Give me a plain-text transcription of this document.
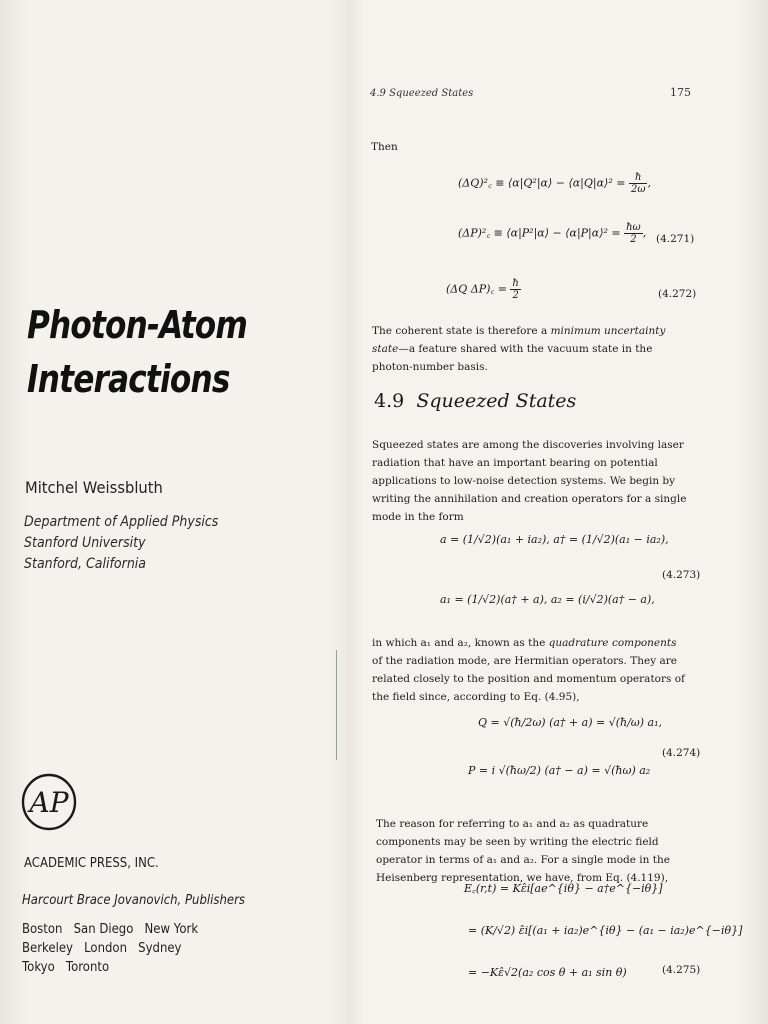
Photon-Atom
Interactions
Mitchel Weissbluth
Department of Applied Physics
Stanford University
Stanford, California
AP
ACADEMIC PRESS, INC.
Harcourt Brace Jovanovich, Publishers
Boston   San Diego   New York
Berkeley   London   Sydney
Tokyo   Toronto
4.9 Squeezed States	175
Then
(ΔQ)²꜀ ≡ ⟨α|Q²|α⟩ − ⟨α|Q|α⟩² = $\frac{ħ}{2\omega}$ ,
(ΔP)²꜀ ≡ ⟨α|P²|α⟩ − ⟨α|P|α⟩² = $\frac{ħ\omega}{2}$ , (4.271)
(ΔQ ΔP)꜀ = $\frac{ħ}{2}$	(4.272)
The coherent state is therefore a minimum uncertainty state—a feature shared with the vacuum state in the photon-number basis.
4.9 Squeezed States
Squeezed states are among the discoveries involving laser radiation that have an important bearing on potential applications to low-noise detection systems. We begin by writing the annihilation and creation operators for a single mode in the form
a = (1/√2)(a₁ + ia₂), a† = (1/√2)(a₁ − ia₂),
(4.273)
a₁ = (1/√2)(a† + a), a₂ = (i/√2)(a† − a),
in which a₁ and a₂, known as the quadrature components of the radiation mode, are Hermitian operators. They are related closely to the position and momentum operators of the field since, according to Eq. (4.95),
Q = √(ħ/2ω) (a† + a) = √(ħ/ω) a₁,
(4.274)
P = i √(ħω/2) (a† − a) = √(ħω) a₂
The reason for referring to a₁ and a₂ as quadrature components may be seen by writing the electric field operator in terms of a₁ and a₂. For a single mode in the Heisenberg representation, we have, from Eq. (4.119),
E꜀(r,t) = Kε̂i[ae^{iθ} − a†e^{−iθ}]
= (K/√2) ε̂i[(a₁ + ia₂)e^{iθ} − (a₁ − ia₂)e^{−iθ}]
= −Kε̂√2(a₂ cos θ + a₁ sin θ)	(4.275)
